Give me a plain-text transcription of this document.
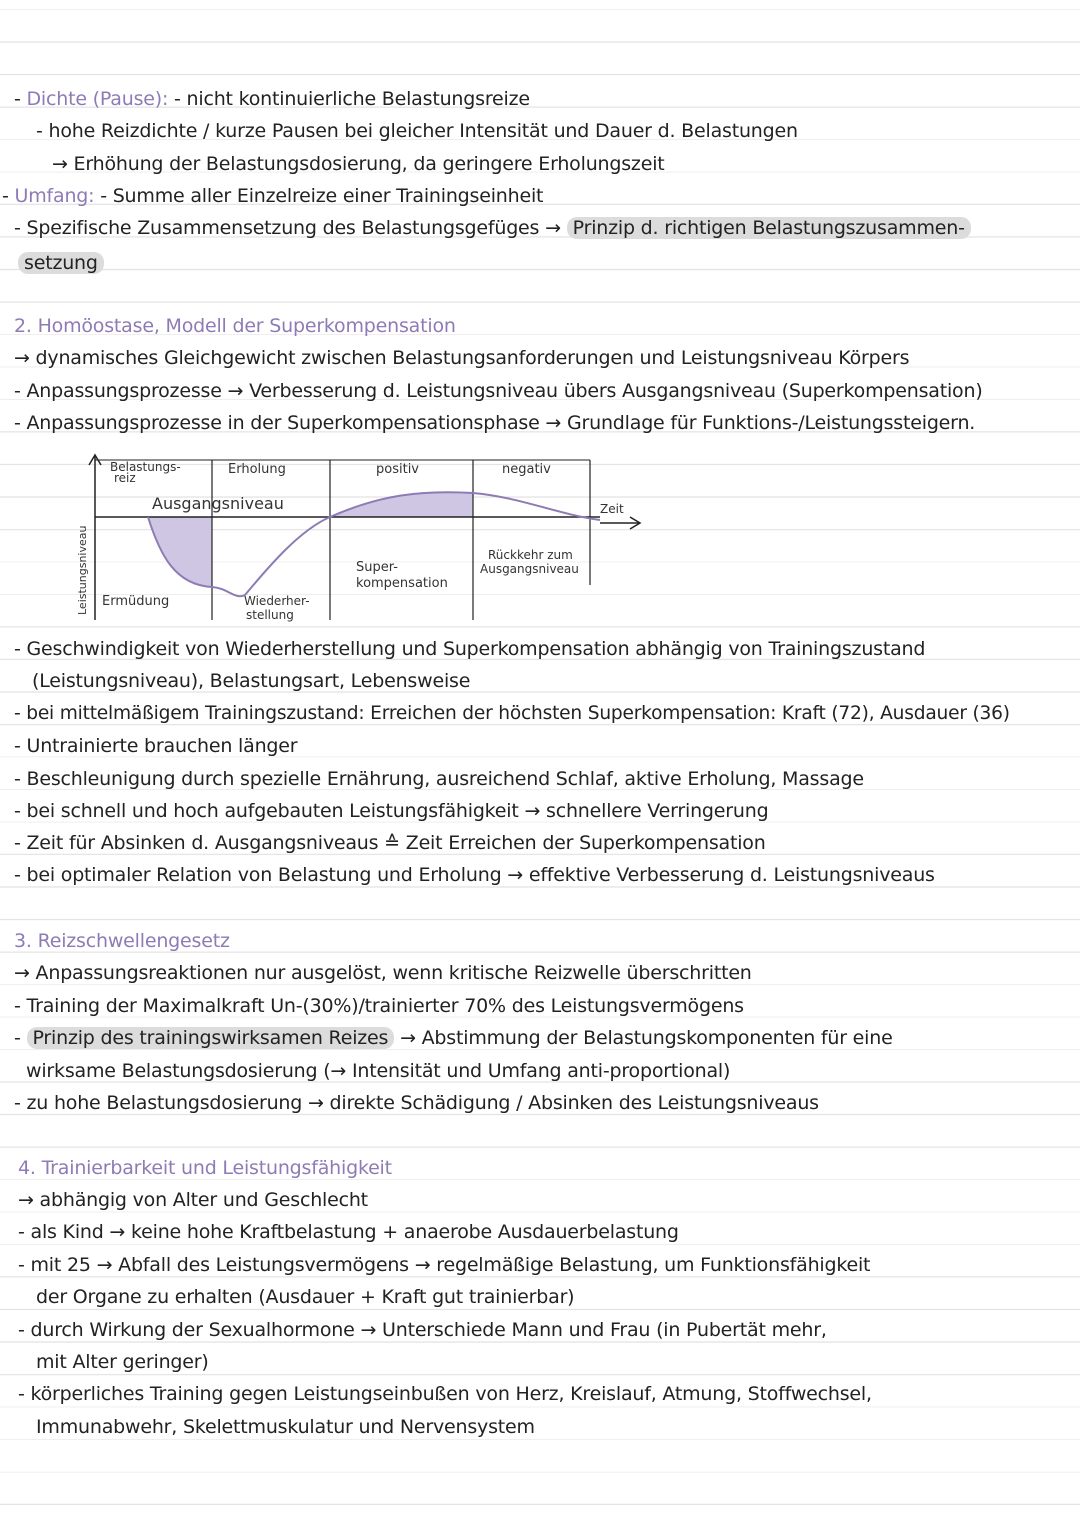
- Dichte (Pause): - nicht kontinuierliche Belastungsreize
- hohe Reizdichte / kurze Pausen bei gleicher Intensität und Dauer d. Belastungen
→ Erhöhung der Belastungsdosierung, da geringere Erholungszeit
- Umfang: - Summe aller Einzelreize einer Trainingseinheit
- Spezifische Zusammensetzung des Belastungsgefüges → Prinzip d. richtigen Belastungszusammen-
setzung
2. Homöostase, Modell der Superkompensation
→ dynamisches Gleichgewicht zwischen Belastungsanforderungen und Leistungsniveau Körpers
- Anpassungsprozesse → Verbesserung d. Leistungsniveau übers Ausgangsniveau (Superkompensation)
- Anpassungsprozesse in der Superkompensationsphase → Grundlage für Funktions-/Leistungssteigern.
Belastungs-
reiz
Erholung	positiv	negativ
Ausgangsniveau	Zeit
Leistungsniveau Ermüdung	Wiederher-
stellung
Super-
kompensation
Rückkehr zum
Ausgangsniveau
- Geschwindigkeit von Wiederherstellung und Superkompensation abhängig von Trainingszustand
(Leistungsniveau), Belastungsart, Lebensweise
- bei mittelmäßigem Trainingszustand: Erreichen der höchsten Superkompensation: Kraft (72), Ausdauer (36)
- Untrainierte brauchen länger
- Beschleunigung durch spezielle Ernährung, ausreichend Schlaf, aktive Erholung, Massage
- bei schnell und hoch aufgebauten Leistungsfähigkeit → schnellere Verringerung
- Zeit für Absinken d. Ausgangsniveaus ≙ Zeit Erreichen der Superkompensation
- bei optimaler Relation von Belastung und Erholung → effektive Verbesserung d. Leistungsniveaus
3. Reizschwellengesetz
→ Anpassungsreaktionen nur ausgelöst, wenn kritische Reizwelle überschritten
- Training der Maximalkraft Un-(30%)/trainierter 70% des Leistungsvermögens
- Prinzip des trainingswirksamen Reizes → Abstimmung der Belastungskomponenten für eine
wirksame Belastungsdosierung (→ Intensität und Umfang anti-proportional)
- zu hohe Belastungsdosierung → direkte Schädigung / Absinken des Leistungsniveaus
4. Trainierbarkeit und Leistungsfähigkeit
→ abhängig von Alter und Geschlecht
- als Kind → keine hohe Kraftbelastung + anaerobe Ausdauerbelastung
- mit 25 → Abfall des Leistungsvermögens → regelmäßige Belastung, um Funktionsfähigkeit
der Organe zu erhalten (Ausdauer + Kraft gut trainierbar)
- durch Wirkung der Sexualhormone → Unterschiede Mann und Frau (in Pubertät mehr,
mit Alter geringer)
- körperliches Training gegen Leistungseinbußen von Herz, Kreislauf, Atmung, Stoffwechsel,
Immunabwehr, Skelettmuskulatur und Nervensystem
